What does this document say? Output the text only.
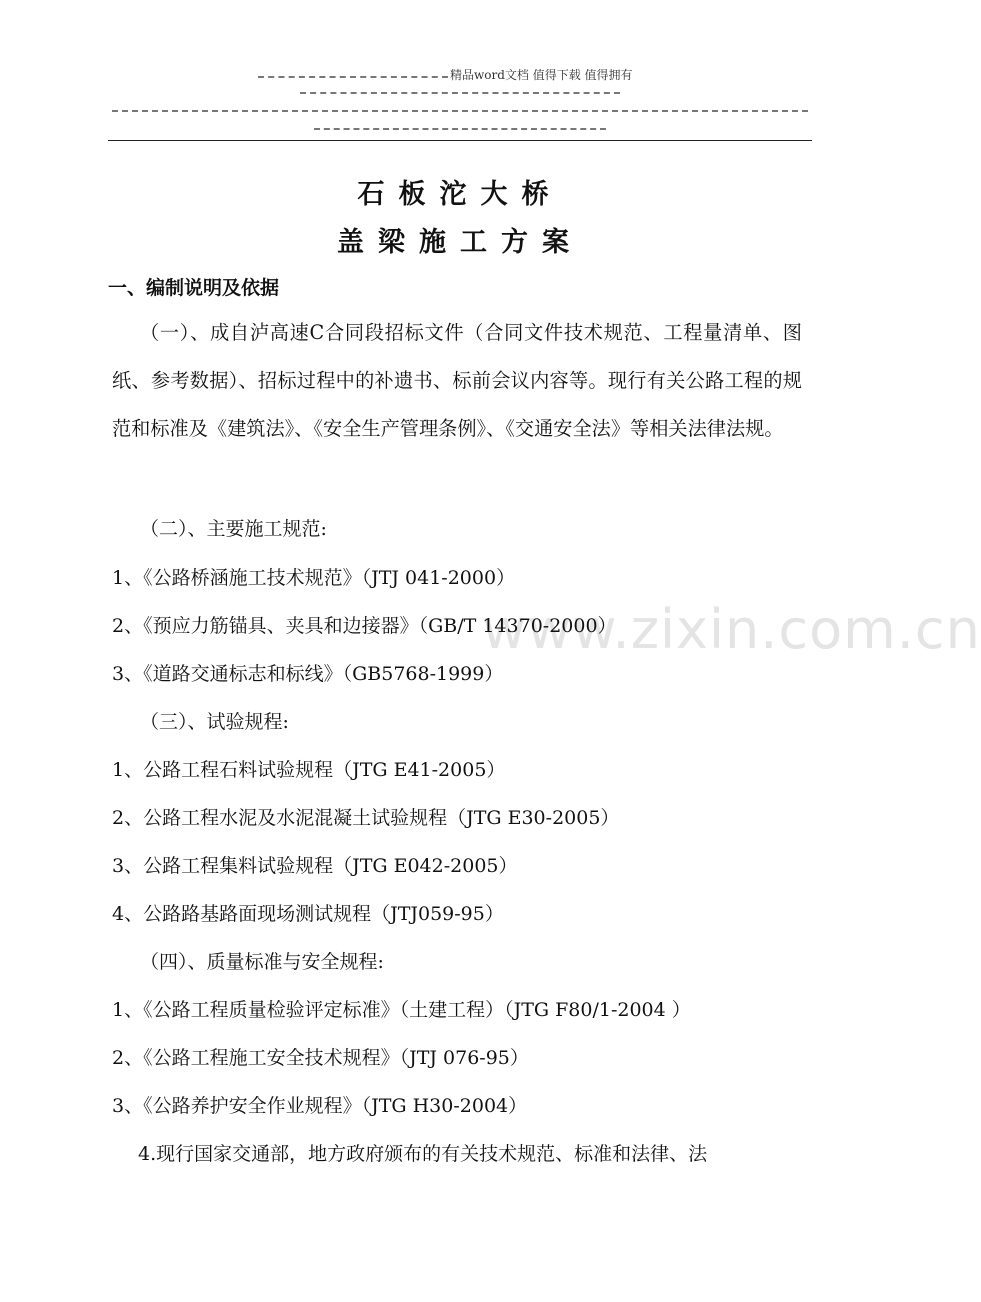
精品word文档 值得下载 值得拥有
www.zixin.com.cn
石板沱大桥
盖梁施工方案
一、编制说明及依据
（一）、成自泸高速C合同段招标文件（合同文件技术规范、工程量清单、图纸、参考数据）、招标过程中的补遗书、标前会议内容等。现行有关公路工程的规范和标准及《建筑法》、《安全生产管理条例》、《交通安全法》等相关法律法规。
（二）、主要施工规范:
1、《公路桥涵施工技术规范》（JTJ 041-2000）
2、《预应力筋锚具、夹具和边接器》（GB/T 14370-2000）
3、《道路交通标志和标线》（GB5768-1999）
（三）、试验规程:
1、公路工程石料试验规程（JTG E41-2005）
2、公路工程水泥及水泥混凝土试验规程（JTG E30-2005）
3、公路工程集料试验规程（JTG E042-2005）
4、公路路基路面现场测试规程（JTJ059-95）
（四）、质量标准与安全规程:
1、《公路工程质量检验评定标准》（土建工程）（JTG F80/1-2004 ）
2、《公路工程施工安全技术规程》（JTJ 076-95）
3、《公路养护安全作业规程》（JTG H30-2004）
4.现行国家交通部，地方政府颁布的有关技术规范、标准和法律、法
